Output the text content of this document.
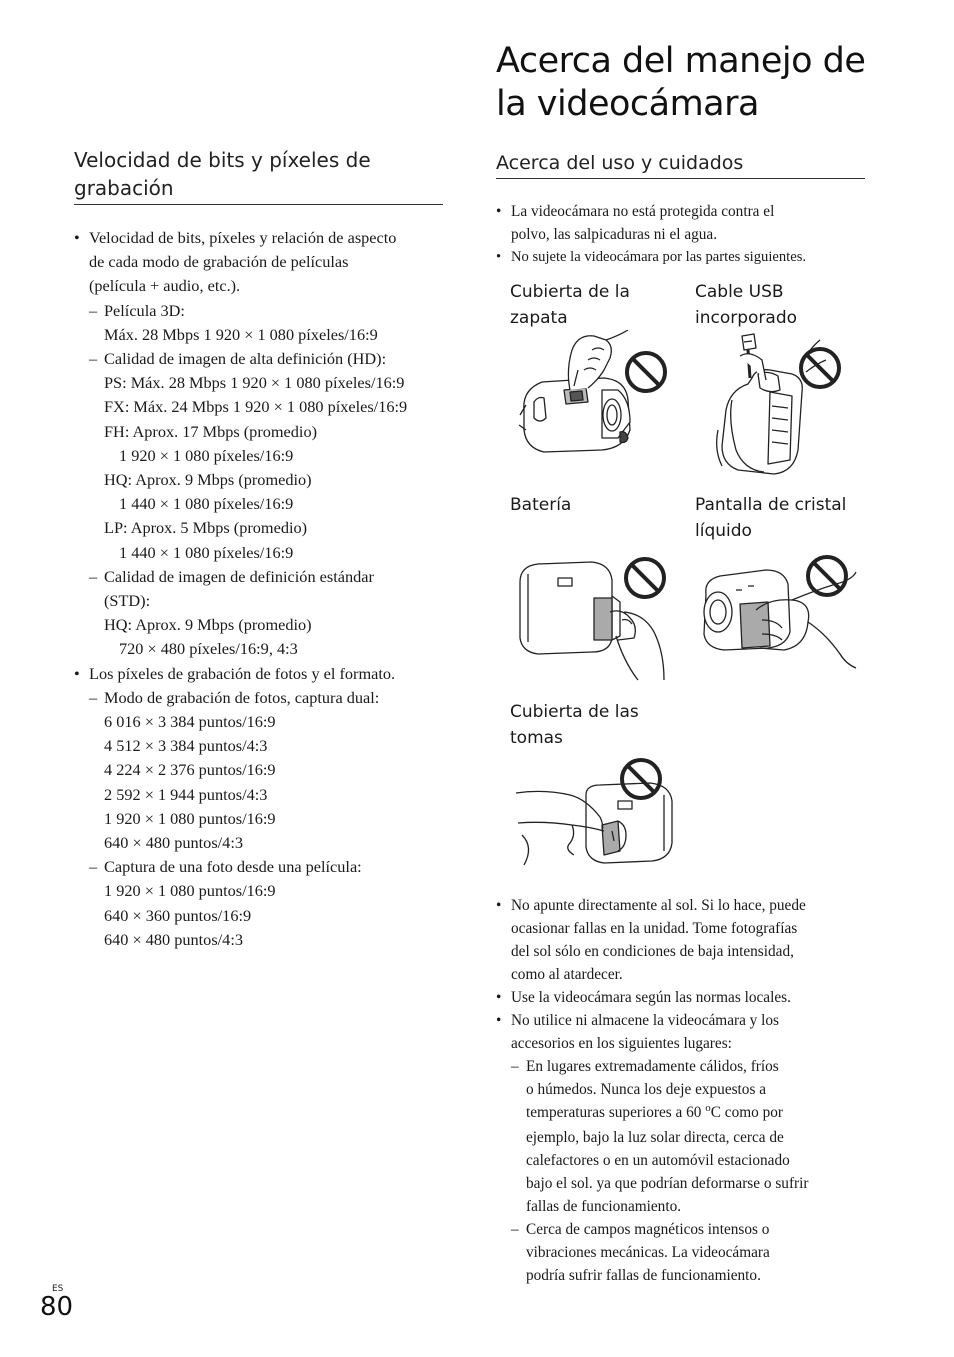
Velocidad de bits y píxeles de
grabación
• Velocidad de bits, píxeles y relación de aspecto
de cada modo de grabación de películas
(película + audio, etc.).
– Película 3D:
Máx. 28 Mbps 1 920 × 1 080 píxeles/16:9
– Calidad de imagen de alta definición (HD):
PS: Máx. 28 Mbps 1 920 × 1 080 píxeles/16:9
FX: Máx. 24 Mbps 1 920 × 1 080 píxeles/16:9
FH: Aprox. 17 Mbps (promedio)
1 920 × 1 080 píxeles/16:9
HQ: Aprox. 9 Mbps (promedio)
1 440 × 1 080 píxeles/16:9
LP: Aprox. 5 Mbps (promedio)
1 440 × 1 080 píxeles/16:9
– Calidad de imagen de definición estándar
(STD):
HQ: Aprox. 9 Mbps (promedio)
720 × 480 píxeles/16:9, 4:3
• Los píxeles de grabación de fotos y el formato.
– Modo de grabación de fotos, captura dual:
6 016 × 3 384 puntos/16:9
4 512 × 3 384 puntos/4:3
4 224 × 2 376 puntos/16:9
2 592 × 1 944 puntos/4:3
1 920 × 1 080 puntos/16:9
640 × 480 puntos/4:3
– Captura de una foto desde una película:
1 920 × 1 080 puntos/16:9
640 × 360 puntos/16:9
640 × 480 puntos/4:3
Acerca del manejo de
la videocámara
Acerca del uso y cuidados
• La videocámara no está protegida contra el
polvo, las salpicaduras ni el agua.
• No sujete la videocámara por las partes siguientes.
Cubierta de la
zapata
Cable USB
incorporado
Batería	Pantalla de cristal
líquido
Cubierta de las
tomas
• No apunte directamente al sol. Si lo hace, puede
ocasionar fallas en la unidad. Tome fotografías
del sol sólo en condiciones de baja intensidad,
como al atardecer.
• Use la videocámara según las normas locales.
• No utilice ni almacene la videocámara y los
accesorios en los siguientes lugares:
– En lugares extremadamente cálidos, fríos
o húmedos. Nunca los deje expuestos a
temperaturas superiores a 60 $^o$C como por
ejemplo, bajo la luz solar directa, cerca de
calefactores o en un automóvil estacionado
bajo el sol. ya que podrían deformarse o sufrir
fallas de funcionamiento.
– Cerca de campos magnéticos intensos o
vibraciones mecánicas. La videocámara
podría sufrir fallas de funcionamiento.
ES
80
